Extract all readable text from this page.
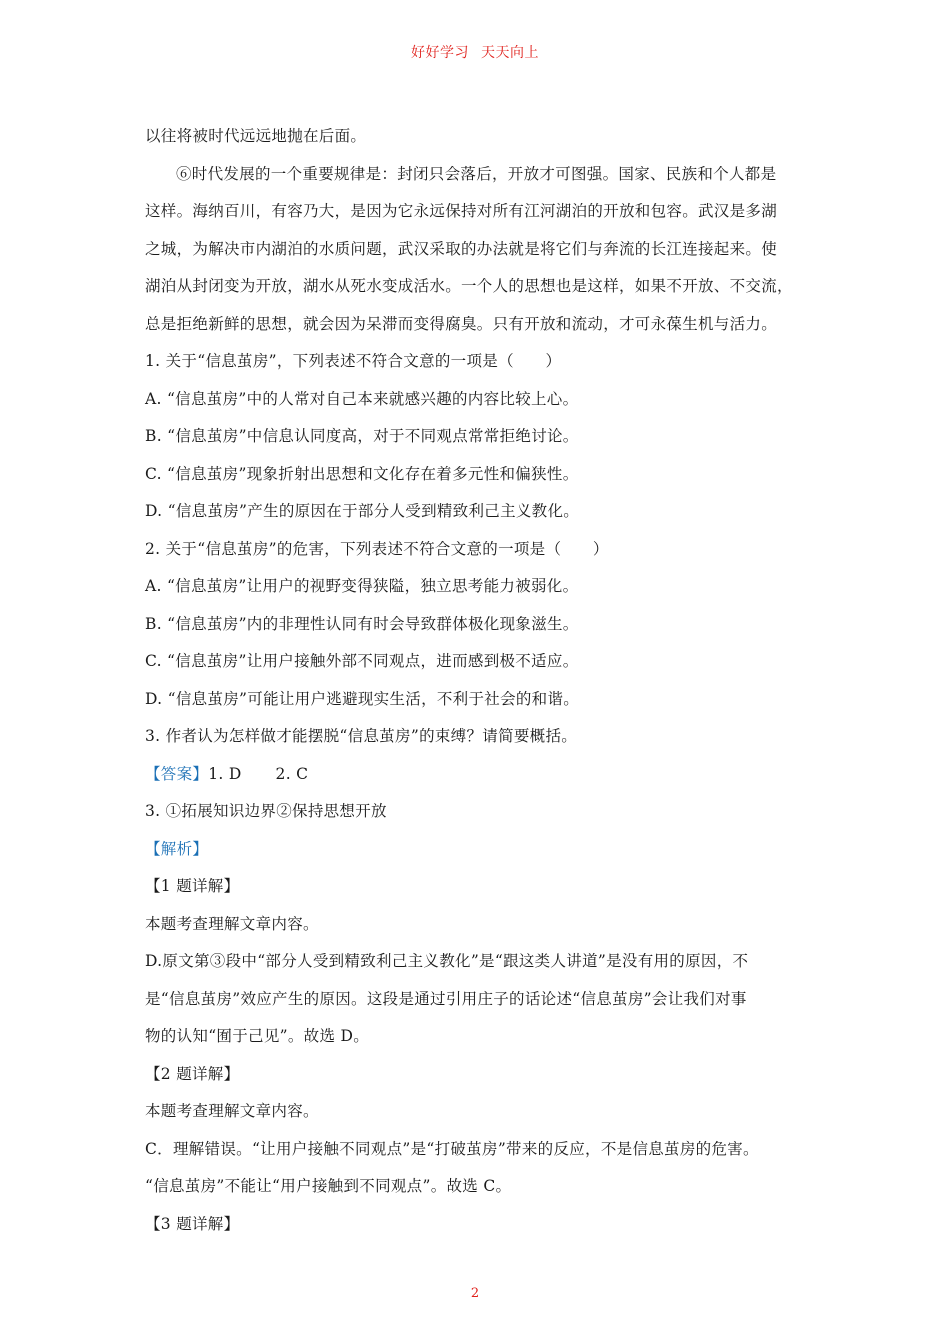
好好学习 天天向上
以往将被时代远远地抛在后面。
⑥时代发展的一个重要规律是：封闭只会落后，开放才可图强。国家、民族和个人都是
这样。海纳百川，有容乃大，是因为它永远保持对所有江河湖泊的开放和包容。武汉是多湖
之城，为解决市内湖泊的水质问题，武汉采取的办法就是将它们与奔流的长江连接起来。使
湖泊从封闭变为开放，湖水从死水变成活水。一个人的思想也是这样，如果不开放、不交流，
总是拒绝新鲜的思想，就会因为呆滞而变得腐臭。只有开放和流动，才可永葆生机与活力。
1. 关于“信息茧房”，下列表述不符合文意的一项是（　　）
A. “信息茧房”中的人常对自己本来就感兴趣的内容比较上心。
B. “信息茧房”中信息认同度高，对于不同观点常常拒绝讨论。
C. “信息茧房”现象折射出思想和文化存在着多元性和偏狭性。
D. “信息茧房”产生的原因在于部分人受到精致利己主义教化。
2. 关于“信息茧房”的危害，下列表述不符合文意的一项是（　　）
A. “信息茧房”让用户的视野变得狭隘，独立思考能力被弱化。
B. “信息茧房”内的非理性认同有时会导致群体极化现象滋生。
C. “信息茧房”让用户接触外部不同观点，进而感到极不适应。
D. “信息茧房”可能让用户逃避现实生活，不利于社会的和谐。
3. 作者认为怎样做才能摆脱“信息茧房”的束缚？请简要概括。
【答案】1. D 2. C
3. ①拓展知识边界②保持思想开放
【解析】
【1 题详解】
本题考查理解文章内容。
D.原文第③段中“部分人受到精致利己主义教化”是“跟这类人讲道”是没有用的原因，不
是“信息茧房”效应产生的原因。这段是通过引用庄子的话论述“信息茧房”会让我们对事
物的认知“囿于己见”。故选 D。
【2 题详解】
本题考查理解文章内容。
C．理解错误。“让用户接触不同观点”是“打破茧房”带来的反应，不是信息茧房的危害。
“信息茧房”不能让“用户接触到不同观点”。故选 C。
【3 题详解】
2
